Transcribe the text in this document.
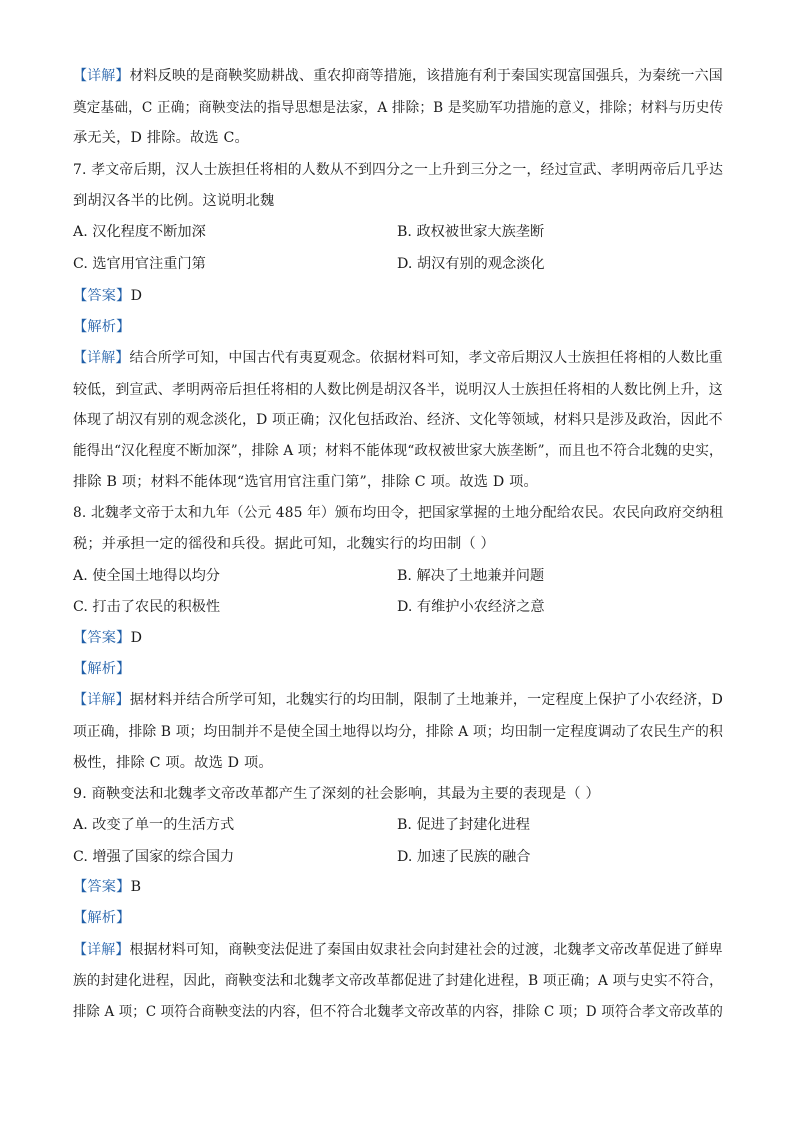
【详解】材料反映的是商鞅奖励耕战、重农抑商等措施，该措施有利于秦国实现富国强兵，为秦统一六国
奠定基础，C 正确；商鞅变法的指导思想是法家，A 排除；B 是奖励军功措施的意义，排除；材料与历史传
承无关，D 排除。故选 C。
7. 孝文帝后期，汉人士族担任将相的人数从不到四分之一上升到三分之一，经过宣武、孝明两帝后几乎达
到胡汉各半的比例。这说明北魏
A. 汉化程度不断加深	B. 政权被世家大族垄断
C. 选官用官注重门第	D. 胡汉有别的观念淡化
【答案】D
【解析】
【详解】结合所学可知，中国古代有夷夏观念。依据材料可知，孝文帝后期汉人士族担任将相的人数比重
较低，到宣武、孝明两帝后担任将相的人数比例是胡汉各半，说明汉人士族担任将相的人数比例上升，这
体现了胡汉有别的观念淡化，D 项正确；汉化包括政治、经济、文化等领域，材料只是涉及政治，因此不
能得出“汉化程度不断加深”，排除 A 项；材料不能体现“政权被世家大族垄断”，而且也不符合北魏的史实，
排除 B 项；材料不能体现“选官用官注重门第”，排除 C 项。故选 D 项。
8. 北魏孝文帝于太和九年（公元 485 年）颁布均田令，把国家掌握的土地分配给农民。农民向政府交纳租
税；并承担一定的徭役和兵役。据此可知，北魏实行的均田制（ ）
A. 使全国土地得以均分	B. 解决了土地兼并问题
C. 打击了农民的积极性	D. 有维护小农经济之意
【答案】D
【解析】
【详解】据材料并结合所学可知，北魏实行的均田制，限制了土地兼并，一定程度上保护了小农经济，D
项正确，排除 B 项；均田制并不是使全国土地得以均分，排除 A 项；均田制一定程度调动了农民生产的积
极性，排除 C 项。故选 D 项。
9. 商鞅变法和北魏孝文帝改革都产生了深刻的社会影响，其最为主要的表现是（ ）
A. 改变了单一的生活方式	B. 促进了封建化进程
C. 增强了国家的综合国力	D. 加速了民族的融合
【答案】B
【解析】
【详解】根据材料可知，商鞅变法促进了秦国由奴隶社会向封建社会的过渡，北魏孝文帝改革促进了鲜卑
族的封建化进程，因此，商鞅变法和北魏孝文帝改革都促进了封建化进程，B 项正确；A 项与史实不符合，
排除 A 项；C 项符合商鞅变法的内容，但不符合北魏孝文帝改革的内容，排除 C 项；D 项符合孝文帝改革的
